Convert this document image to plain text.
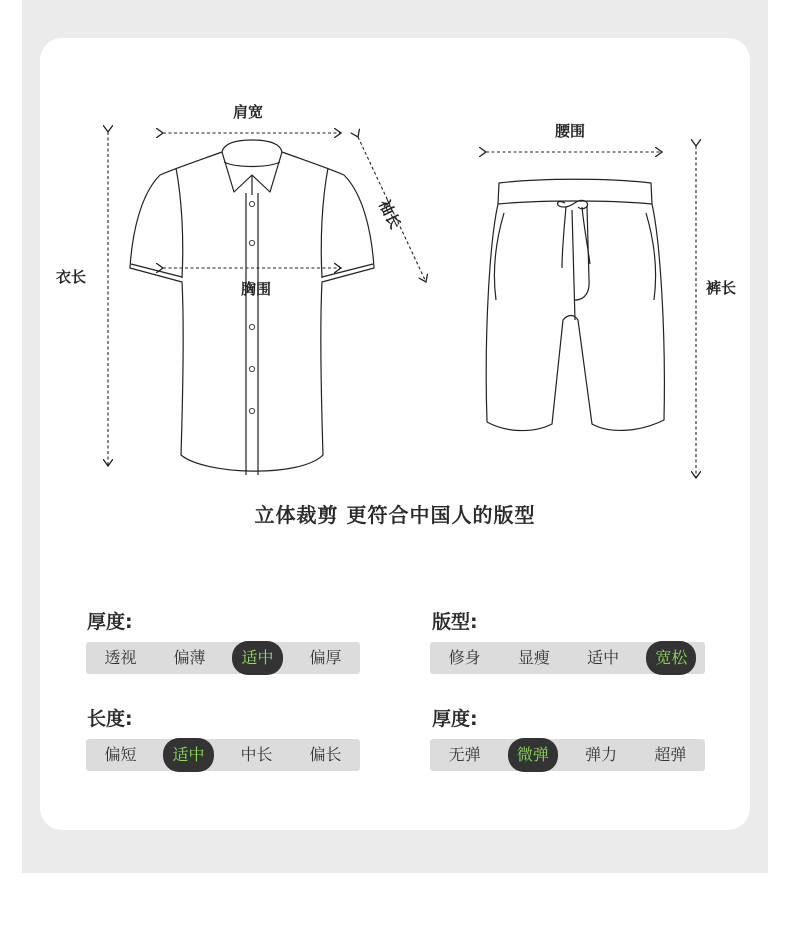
肩宽
袖长
衣长
胸围
腰围
裤长
立体裁剪 更符合中国人的版型
厚度:
透视	偏薄	适中	偏厚
版型:
修身	显瘦	适中	宽松
长度:
偏短	适中	中长	偏长
厚度:
无弹	微弹	弹力	超弹
